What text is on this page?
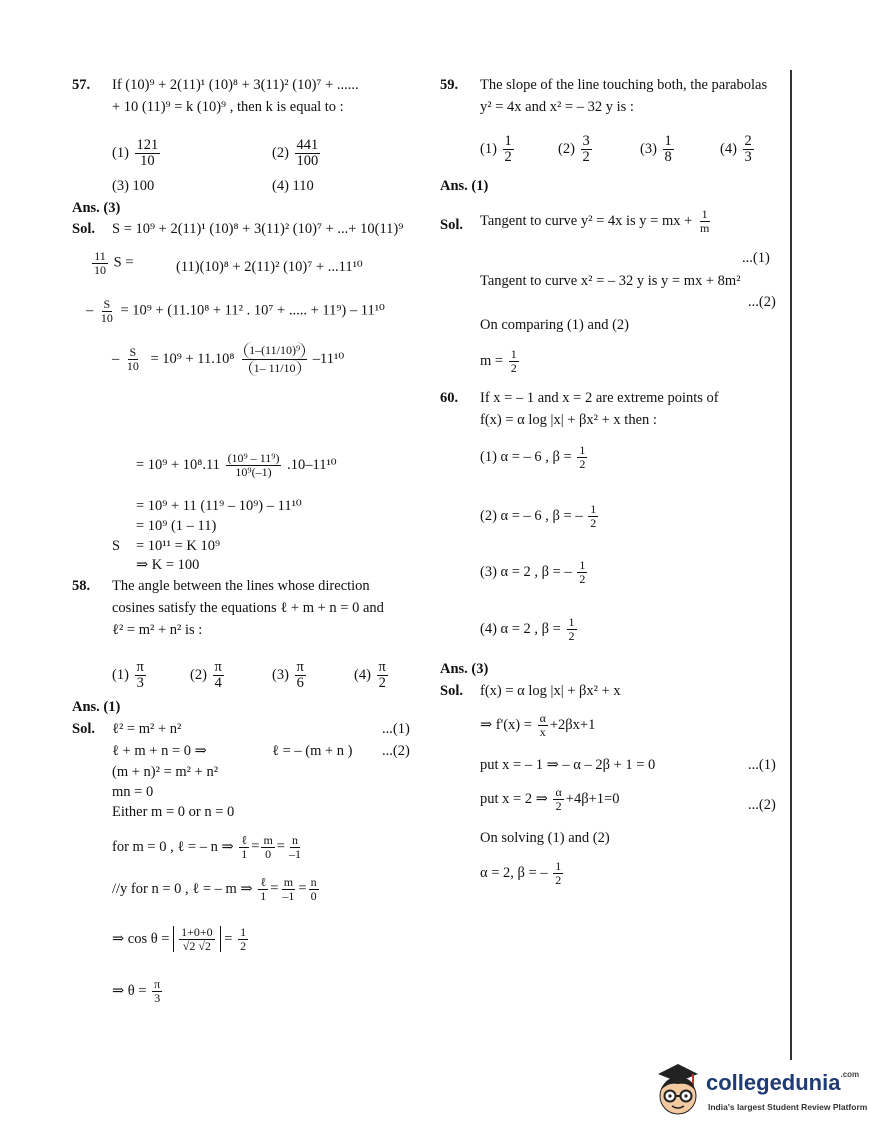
57. If (10)⁹ + 2(11)¹ (10)⁸ + 3(11)² (10)⁷ + ......
+ 10 (11)⁹ = k (10)⁹ , then k is equal to :
$(1) \frac{121}{10}$	$(2) \frac{441}{100}$
(3) 100	(4) 110
Ans. (3)
Sol. S = 10⁹ + 2(11)¹ (10)⁸ + 3(11)² (10)⁷ + ...+ 10(11)⁹
$\frac{11}{10}$ S =	(11)(10)⁸ + 2(11)² (10)⁷ + ...11¹⁰
– $\frac{S}{10} = 10^9 + (11.10^8 + 11^2$ . 10⁷ + ..... + 11⁹) – 11¹⁰
– $\frac{S}{10} = 10^9 + 11.10^8 \frac{\text{1–(11/10)⁹}}{1- 11/10} -11^{10}$
= $10^9 + 10^8.11 \frac{\text{(10⁹ – 11⁹)}}{\text{10⁹(–1)}} .10-11^{10}$
= 10⁹ + 11 (11⁹ – 10⁹) – 11¹⁰
= 10⁹ (1 – 11)
S = 10¹¹ = K 10⁹
⇒ K = 100
58. The angle between the lines whose direction
cosines satisfy the equations ℓ + m + n = 0 and
ℓ² = m² + n² is :
$(1) \frac{\pi}{3}$	$(2) \frac{\pi}{4}$	$(3) \frac{\pi}{6}$	$(4) \frac{\pi}{2}$
Ans. (1)
Sol. ℓ² = m² + n²	...(1)
ℓ + m + n = 0 ⇒	ℓ = – (m + n ) ...(2)
(m + n)² = m² + n²
mn = 0
Either m = 0 or n = 0
for m = 0 , ℓ = – n ⇒ $\frac{\text{ℓ}}{1} = \frac{m}{0} = \frac{n}{-1}$
//y for n = 0 , ℓ = – m ⇒ $\frac{\text{ℓ}}{1} = \frac{m}{-1} = \frac{n}{0}$
⇒ $\cos \theta = \frac{1+0+0}{√2 √2} = \frac{1}{2}$
⇒ $\theta = \frac{\pi}{3}$
59. The slope of the line touching both, the parabolas
y² = 4x and x² = – 32 y is :
$(1) \frac{1}{2}$	$(2) \frac{3}{2}$	$(3) \frac{1}{8}$	$(4) \frac{2}{3}$
Ans. (1)
Sol. Tangent to curve y² = 4x is y = mx + $\frac{1}{m}$
...(1)
Tangent to curve x² = – 32 y is y = mx + 8m²
...(2)
On comparing (1) and (2)
$m = \frac{1}{2}$
60. If x = – 1 and x = 2 are extreme points of
f(x) = α log |x| + βx² + x then :
(1) α = – 6 , $\beta = \frac{1}{2}$
(2) α = – 6 , β = – $\frac{1}{2}$
(3) α = 2 , β = – $\frac{1}{2}$
(4) α = 2 , $\beta = \frac{1}{2}$
Ans. (3)
Sol. f(x) = α log |x| + βx² + x
⇒ $f'(x) = \frac{\alpha}{x} +2\beta x+1$
put x = – 1 ⇒ – α – 2β + 1 = 0	...(1)
put x = 2 ⇒ $\frac{\alpha}{2} +4\beta+1=0$	...(2)
On solving (1) and (2)
α = 2, β = – $\frac{1}{2}$
collegedunia$^{.com}$
India's largest Student Review Platform
